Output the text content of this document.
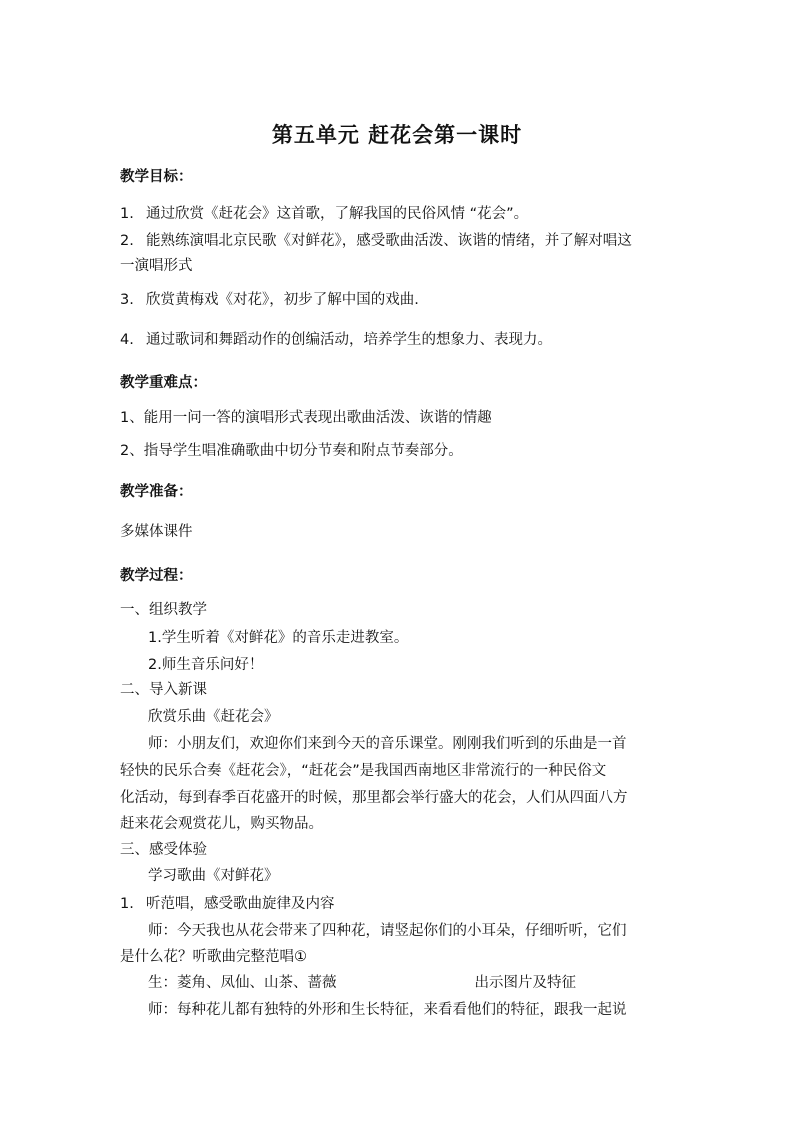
第五单元 赶花会第一课时
教学目标：
1. 通过欣赏《赶花会》这首歌，了解我国的民俗风情 “花会”。
2. 能熟练演唱北京民歌《对鲜花》，感受歌曲活泼、诙谐的情绪，并了解对唱这
一演唱形式
3. 欣赏黄梅戏《对花》，初步了解中国的戏曲.
4. 通过歌词和舞蹈动作的创编活动，培养学生的想象力、表现力。
教学重难点：
1、能用一问一答的演唱形式表现出歌曲活泼、诙谐的情趣
2、指导学生唱准确歌曲中切分节奏和附点节奏部分。
教学准备：
多媒体课件
教学过程：
一、组织教学
1.学生听着《对鲜花》的音乐走进教室。
2.师生音乐问好！
二、导入新课
欣赏乐曲《赶花会》
师：小朋友们，欢迎你们来到今天的音乐课堂。刚刚我们听到的乐曲是一首
轻快的民乐合奏《赶花会》，“赶花会”是我国西南地区非常流行的一种民俗文
化活动，每到春季百花盛开的时候，那里都会举行盛大的花会，人们从四面八方
赶来花会观赏花儿，购买物品。
三、感受体验
学习歌曲《对鲜花》
1. 听范唱，感受歌曲旋律及内容
师：今天我也从花会带来了四种花，请竖起你们的小耳朵，仔细听听，它们
是什么花？听歌曲完整范唱①
生：菱角、凤仙、山茶、蔷薇	出示图片及特征
师：每种花儿都有独特的外形和生长特征，来看看他们的特征，跟我一起说
